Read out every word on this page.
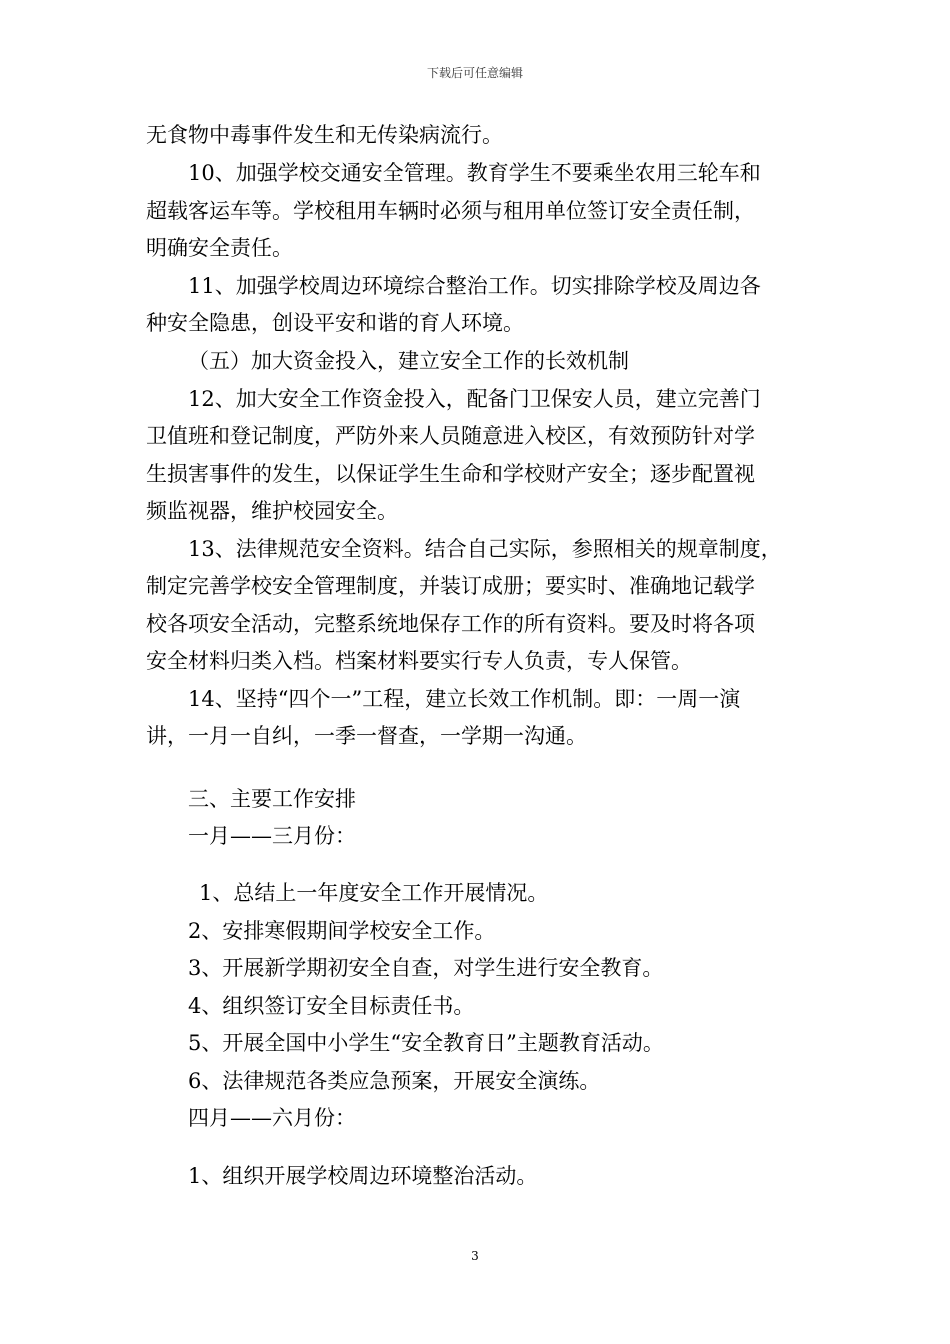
下载后可任意编辑
无食物中毒事件发生和无传染病流行。
10、加强学校交通安全管理。教育学生不要乘坐农用三轮车和
超载客运车等。学校租用车辆时必须与租用单位签订安全责任制，
明确安全责任。
11、加强学校周边环境综合整治工作。切实排除学校及周边各
种安全隐患，创设平安和谐的育人环境。
（五）加大资金投入，建立安全工作的长效机制
12、加大安全工作资金投入，配备门卫保安人员，建立完善门
卫值班和登记制度，严防外来人员随意进入校区，有效预防针对学
生损害事件的发生，以保证学生生命和学校财产安全；逐步配置视
频监视器，维护校园安全。
13、法律规范安全资料。结合自己实际，参照相关的规章制度，
制定完善学校安全管理制度，并装订成册；要实时、准确地记载学
校各项安全活动，完整系统地保存工作的所有资料。要及时将各项
安全材料归类入档。档案材料要实行专人负责，专人保管。
14、坚持“四个一”工程，建立长效工作机制。即：一周一演
讲，一月一自纠，一季一督查，一学期一沟通。
三、主要工作安排
一月——三月份：
1、总结上一年度安全工作开展情况。
2、安排寒假期间学校安全工作。
3、开展新学期初安全自查，对学生进行安全教育。
4、组织签订安全目标责任书。
5、开展全国中小学生“安全教育日”主题教育活动。
6、法律规范各类应急预案，开展安全演练。
四月——六月份：
1、组织开展学校周边环境整治活动。
3
